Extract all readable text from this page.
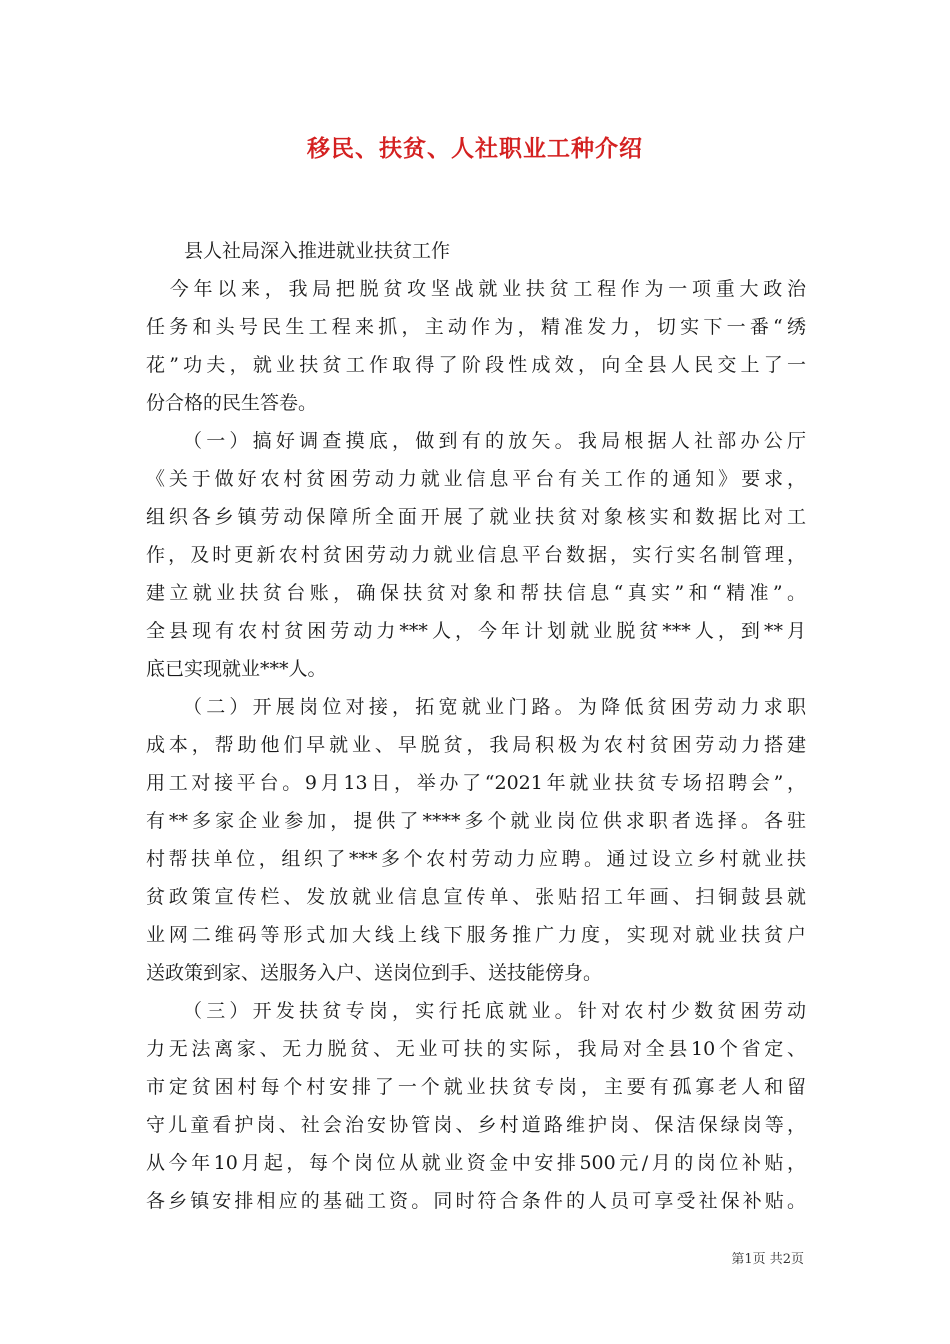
移民、扶贫、人社职业工种介绍
　　县人社局深入推进就业扶贫工作
　今年以来，我局把脱贫攻坚战就业扶贫工程作为一项重大政治
任务和头号民生工程来抓，主动作为，精准发力，切实下一番“绣
花”功夫，就业扶贫工作取得了阶段性成效，向全县人民交上了一
份合格的民生答卷。
　　（一）搞好调查摸底，做到有的放矢。我局根据人社部办公厅
《关于做好农村贫困劳动力就业信息平台有关工作的通知》要求，
组织各乡镇劳动保障所全面开展了就业扶贫对象核实和数据比对工
作，及时更新农村贫困劳动力就业信息平台数据，实行实名制管理，
建立就业扶贫台账，确保扶贫对象和帮扶信息“真实”和“精准”。
全县现有农村贫困劳动力***人，今年计划就业脱贫***人，到**月
底已实现就业***人。
　　（二）开展岗位对接，拓宽就业门路。为降低贫困劳动力求职
成本，帮助他们早就业、早脱贫，我局积极为农村贫困劳动力搭建
用工对接平台。9月13日，举办了“2021年就业扶贫专场招聘会”，
有**多家企业参加，提供了****多个就业岗位供求职者选择。各驻
村帮扶单位，组织了***多个农村劳动力应聘。通过设立乡村就业扶
贫政策宣传栏、发放就业信息宣传单、张贴招工年画、扫铜鼓县就
业网二维码等形式加大线上线下服务推广力度，实现对就业扶贫户
送政策到家、送服务入户、送岗位到手、送技能傍身。
　　（三）开发扶贫专岗，实行托底就业。针对农村少数贫困劳动
力无法离家、无力脱贫、无业可扶的实际，我局对全县10个省定、
市定贫困村每个村安排了一个就业扶贫专岗，主要有孤寡老人和留
守儿童看护岗、社会治安协管岗、乡村道路维护岗、保洁保绿岗等，
从今年10月起，每个岗位从就业资金中安排500元/月的岗位补贴，
各乡镇安排相应的基础工资。同时符合条件的人员可享受社保补贴。
第1页 共2页
